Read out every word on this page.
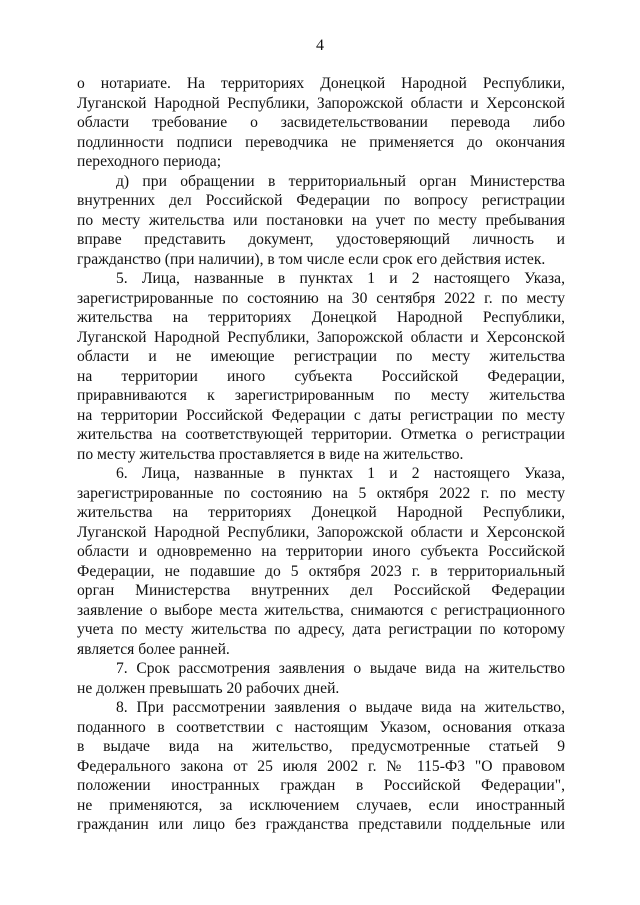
4
о нотариате. На территориях Донецкой Народной Республики,
Луганской Народной Республики, Запорожской области и Херсонской
области требование о засвидетельствовании перевода либо
подлинности подписи переводчика не применяется до окончания
переходного периода;
д) при обращении в территориальный орган Министерства
внутренних дел Российской Федерации по вопросу регистрации
по месту жительства или постановки на учет по месту пребывания
вправе представить документ, удостоверяющий личность и
гражданство (при наличии), в том числе если срок его действия истек.
5. Лица, названные в пунктах 1 и 2 настоящего Указа,
зарегистрированные по состоянию на 30 сентября 2022 г. по месту
жительства на территориях Донецкой Народной Республики,
Луганской Народной Республики, Запорожской области и Херсонской
области и не имеющие регистрации по месту жительства
на территории иного субъекта Российской Федерации,
приравниваются к зарегистрированным по месту жительства
на территории Российской Федерации с даты регистрации по месту
жительства на соответствующей территории. Отметка о регистрации
по месту жительства проставляется в виде на жительство.
6. Лица, названные в пунктах 1 и 2 настоящего Указа,
зарегистрированные по состоянию на 5 октября 2022 г. по месту
жительства на территориях Донецкой Народной Республики,
Луганской Народной Республики, Запорожской области и Херсонской
области и одновременно на территории иного субъекта Российской
Федерации, не подавшие до 5 октября 2023 г. в территориальный
орган Министерства внутренних дел Российской Федерации
заявление о выборе места жительства, снимаются с регистрационного
учета по месту жительства по адресу, дата регистрации по которому
является более ранней.
7. Срок рассмотрения заявления о выдаче вида на жительство
не должен превышать 20 рабочих дней.
8. При рассмотрении заявления о выдаче вида на жительство,
поданного в соответствии с настоящим Указом, основания отказа
в выдаче вида на жительство, предусмотренные статьей 9
Федерального закона от 25 июля 2002 г. № 115-ФЗ "О правовом
положении иностранных граждан в Российской Федерации",
не применяются, за исключением случаев, если иностранный
гражданин или лицо без гражданства представили поддельные или
